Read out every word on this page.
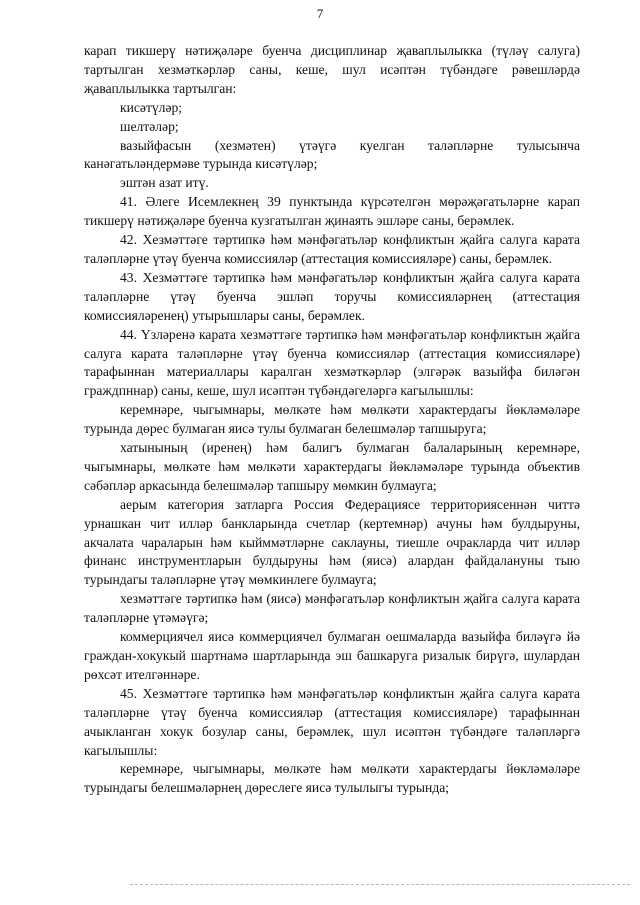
7

карап тикшерү нәтиҗәләре буенча дисциплинар җаваплылыкка (түләү салуга) тартылган хезмәткәрләр саны, кеше, шул исәптән түбәндәге рәвешләрдә җаваплылыкка тартылган:

кисәтүләр;

шелтәләр;

вазыйфасын (хезмәтен) үтәүгә куелган таләпләрне тулысынча канәгатьләндермәве турында кисәтүләр;

эштән азат итү.

41. Әлеге Исемлекнең 39 пунктында күрсәтелгән мөрәҗәгатьләрне карап тикшерү нәтиҗәләре буенча кузгатылган җинаять эшләре саны, берәмлек.

42. Хезмәттәге тәртипкә һәм мәнфәгатьләр конфликтын җайга салуга карата таләпләрне үтәү буенча комиссияләр (аттестация комиссияләре) саны, берәмлек.

43. Хезмәттәге тәртипкә һәм мәнфәгатьләр конфликтын җайга салуга карата таләпләрне үтәү буенча эшләп торучы комиссияләрнең (аттестация комиссияләренең) утырышлары саны, берәмлек.

44. Үзләренә карата хезмәттәге тәртипкә һәм мәнфәгатьләр конфликтын җайга салуга карата таләпләрне үтәү буенча комиссияләр (аттестация комиссияләре) тарафыннан материаллары каралган хезмәткәрләр (элгәрәк вазыйфа биләгән граждпннар) саны, кеше, шул исәптән түбәндәгеләргә кагылышлы:

керемнәре, чыгымнары, мөлкәте һәм мөлкәти характердагы йөкләмәләре турында дөрес булмаган яисә тулы булмаган белешмәләр тапшыруга;

хатынының (иренең) һәм балигъ булмаган балаларының керемнәре, чыгымнары, мөлкәте һәм мөлкәти характердагы йөкләмәләре турында объектив сәбәпләр аркасында белешмәләр тапшыру мөмкин булмауга;

аерым категория затларга Россия Федерациясе территориясеннән читтә урнашкан чит илләр банкларында счетлар (кертемнәр) ачуны һәм булдыруны, акчалата чараларын һәм кыйммәтләрне саклауны, тиешле очракларда чит илләр финанс инструментларын булдыруны һәм (яисә) алардан файдалануны тыю турындагы таләпләрне үтәү мөмкинлеге булмауга;

хезмәттәге тәртипкә һәм (яисә) мәнфәгатьләр конфликтын җайга салуга карата таләпләрне үтәмәүгә;

коммерциячел яисә коммерциячел булмаган оешмаларда вазыйфа биләүгә йә граждан-хокукый шартнамә шартларында эш башкаруга ризалык бирүгә, шулардан рөхсәт ителгәннәре.

45. Хезмәттәге тәртипкә һәм мәнфәгатьләр конфликтын җайга салуга карата таләпләрне үтәү буенча комиссияләр (аттестация комиссияләре) тарафыннан ачыкланган хокук бозулар саны, берәмлек, шул исәптән түбәндәге таләпләргә кагылышлы:

керемнәре, чыгымнары, мөлкәте һәм мөлкәти характердагы йөкләмәләре турындагы белешмәләрнең дөреслеге яисә тулылыгы турында;
